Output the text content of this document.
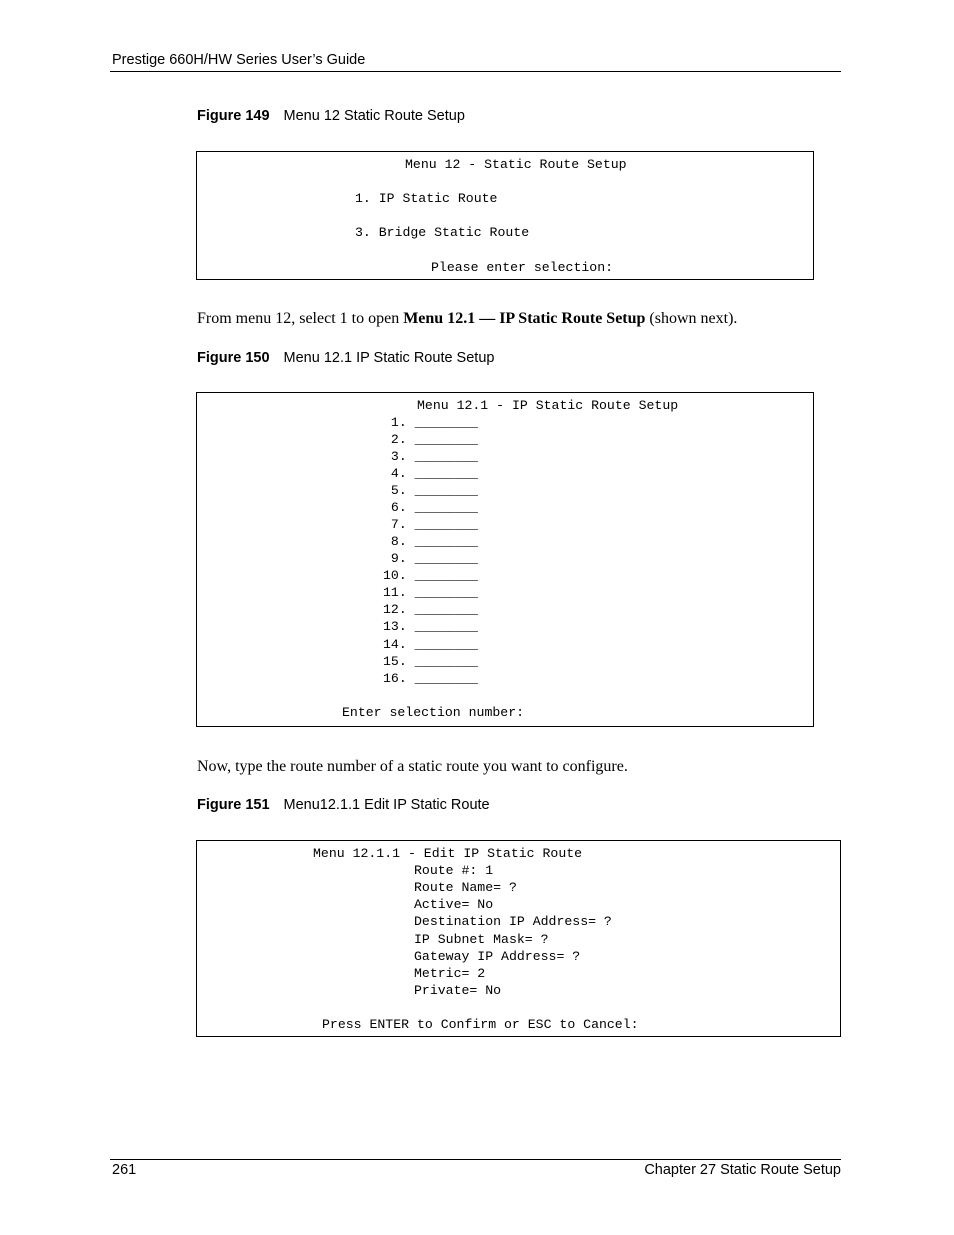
Prestige 660H/HW Series User’s Guide
Figure 149 Menu 12 Static Route Setup
Menu 12 - Static Route Setup
1. IP Static Route
3. Bridge Static Route
Please enter selection:
From menu 12, select 1 to open Menu 12.1 — IP Static Route Setup (shown next).
Figure 150 Menu 12.1 IP Static Route Setup
Menu 12.1 - IP Static Route Setup
1. ________
2. ________
3. ________
4. ________
5. ________
6. ________
7. ________
8. ________
9. ________
10. ________
11. ________
12. ________
13. ________
14. ________
15. ________
16. ________
Enter selection number:
Now, type the route number of a static route you want to configure.
Figure 151 Menu12.1.1 Edit IP Static Route
Menu 12.1.1 - Edit IP Static Route
Route #: 1
Route Name= ?
Active= No
Destination IP Address= ?
IP Subnet Mask= ?
Gateway IP Address= ?
Metric= 2
Private= No
Press ENTER to Confirm or ESC to Cancel:
261	Chapter 27 Static Route Setup
